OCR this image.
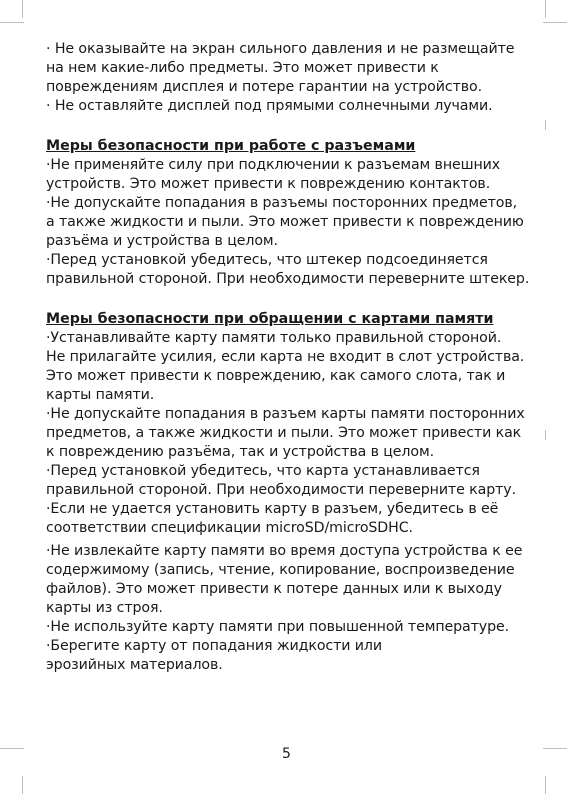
· Не оказывайте на экран сильного давления и не размещайте
на нем какие-либо предметы. Это может привести к
повреждениям дисплея и потере гарантии на устройство.
· Не оставляйте дисплей под прямыми солнечными лучами.
Меры безопасности при работе с разъемами
·Не применяйте силу при подключении к разъемам внешних
устройств. Это может привести к повреждению контактов.
·Не допускайте попадания в разъемы посторонних предметов,
а также жидкости и пыли. Это может привести к повреждению
разъёма и устройства в целом.
·Перед установкой убедитесь, что штекер подсоединяется
правильной стороной. При необходимости переверните штекер.
Меры безопасности при обращении с картами памяти
·Устанавливайте карту памяти только правильной стороной.
Не прилагайте усилия, если карта не входит в слот устройства.
Это может привести к повреждению, как самого слота, так и
карты памяти.
·Не допускайте попадания в разъем карты памяти посторонних
предметов, а также жидкости и пыли. Это может привести как
к повреждению разъёма, так и устройства в целом.
·Перед установкой убедитесь, что карта устанавливается
правильной стороной. При необходимости переверните карту.
·Если не удается установить карту в разъем, убедитесь в её
соответствии спецификации microSD/microSDHC.
·Не извлекайте карту памяти во время доступа устройства к ее
содержимому (запись, чтение, копирование, воспроизведение
файлов). Это может привести к потере данных или к выходу
карты из строя.
·Не используйте карту памяти при повышенной температуре.
·Берегите карту от попадания жидкости или
эрозийных материалов.
5
